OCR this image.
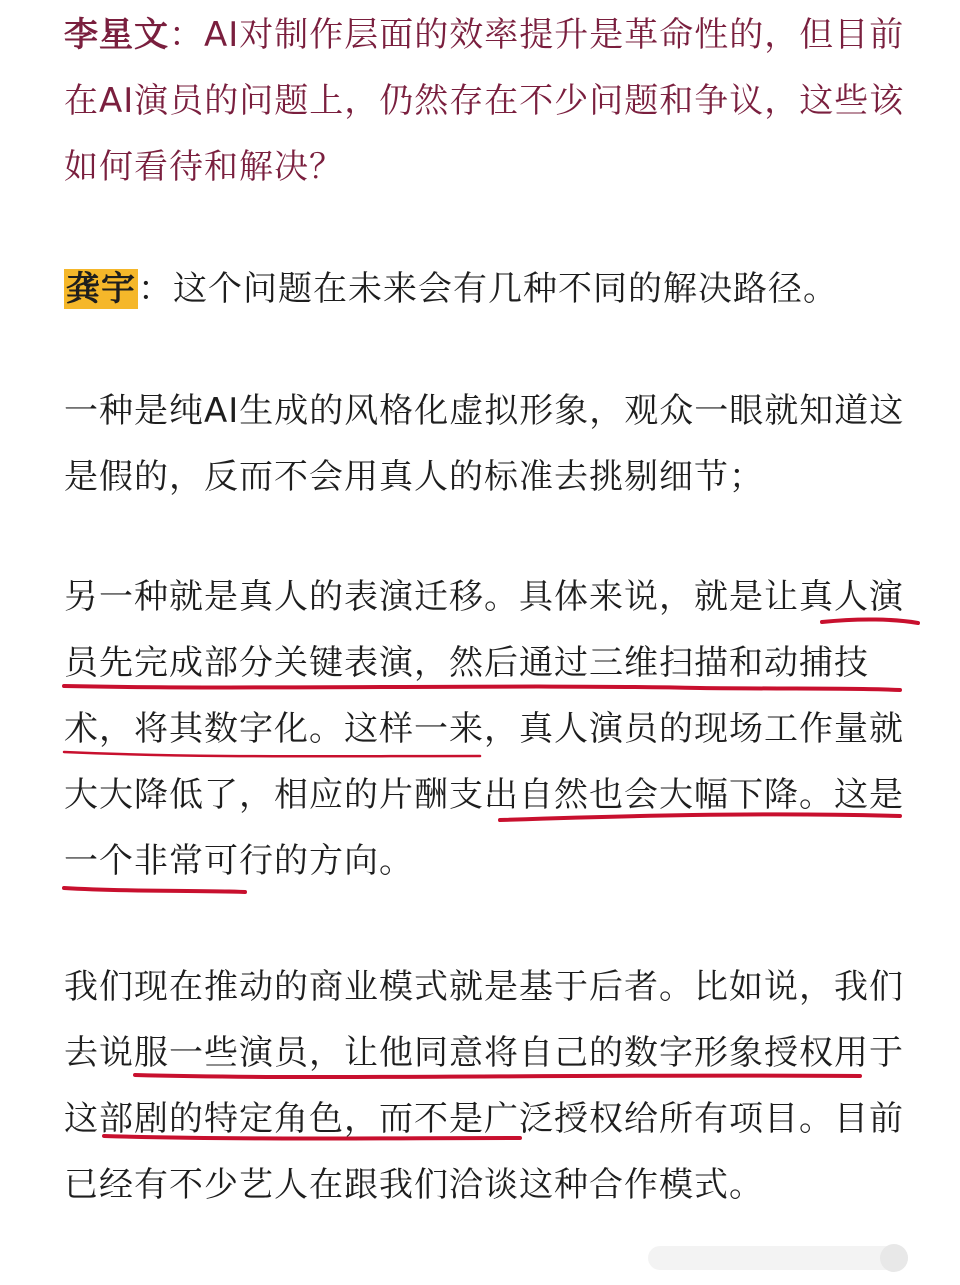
李星文：AI对制作层面的效率提升是革命性的，但目前在AI演员的问题上，仍然存在不少问题和争议，这些该如何看待和解决？

龚宇：这个问题在未来会有几种不同的解决路径。

一种是纯AI生成的风格化虚拟形象，观众一眼就知道这是假的，反而不会用真人的标准去挑剔细节；

另一种就是真人的表演迁移。具体来说，就是让真人演员先完成部分关键表演，然后通过三维扫描和动捕技术，将其数字化。这样一来，真人演员的现场工作量就大大降低了，相应的片酬支出自然也会大幅下降。这是一个非常可行的方向。

我们现在推动的商业模式就是基于后者。比如说，我们去说服一些演员，让他同意将自己的数字形象授权用于这部剧的特定角色，而不是广泛授权给所有项目。目前已经有不少艺人在跟我们洽谈这种合作模式。
